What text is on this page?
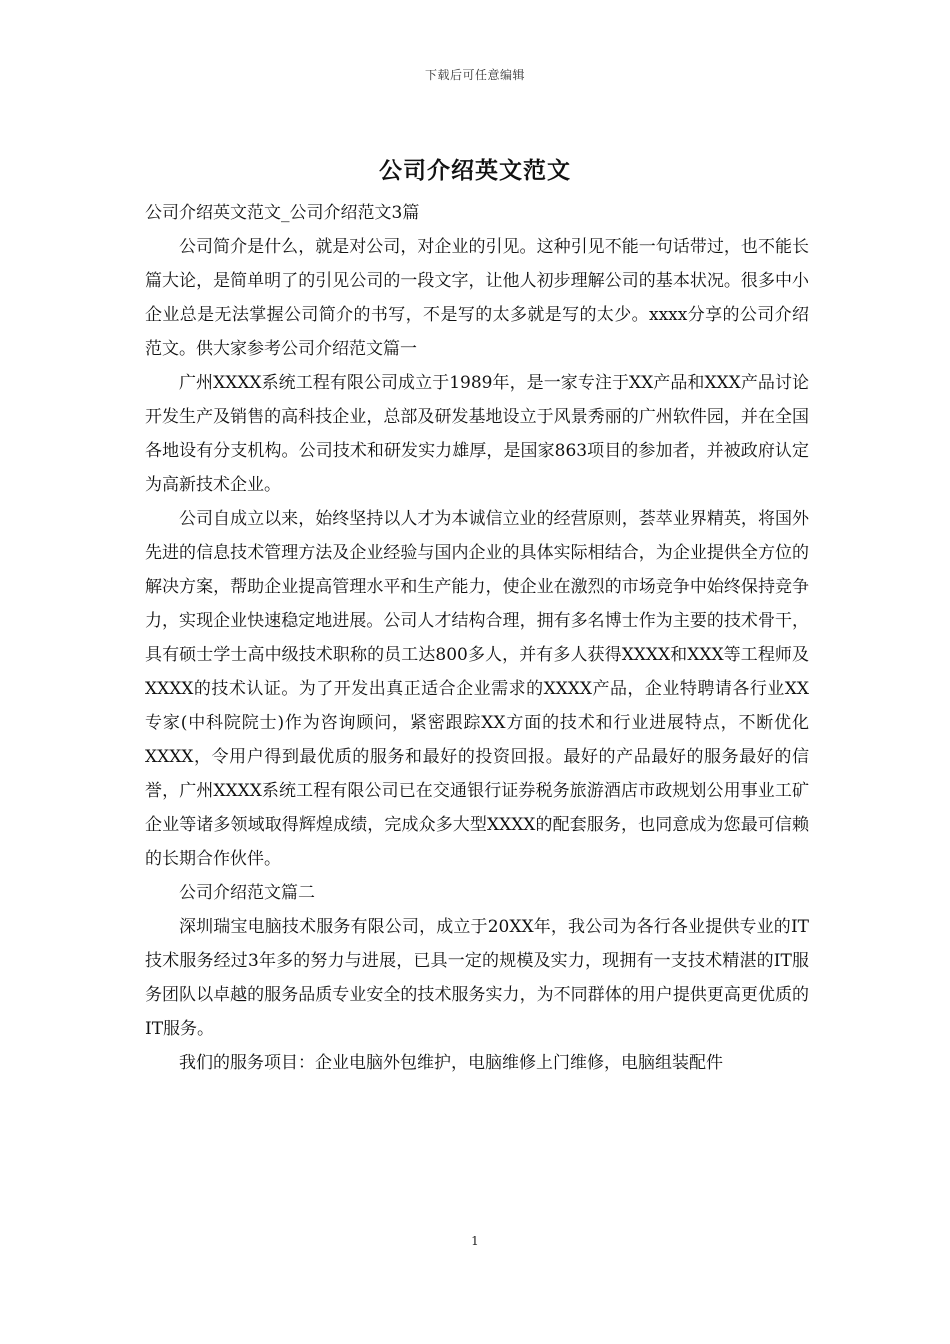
下载后可任意编辑
公司介绍英文范文

公司介绍英文范文_公司介绍范文3篇

公司简介是什么，就是对公司，对企业的引见。这种引见不能一句话带过，也不能长篇大论，是简单明了的引见公司的一段文字，让他人初步理解公司的基本状况。很多中小企业总是无法掌握公司简介的书写，不是写的太多就是写的太少。xxxx分享的公司介绍范文。供大家参考公司介绍范文篇一

广州XXXX系统工程有限公司成立于1989年，是一家专注于XX产品和XXX产品讨论开发生产及销售的高科技企业，总部及研发基地设立于风景秀丽的广州软件园，并在全国各地设有分支机构。公司技术和研发实力雄厚，是国家863项目的参加者，并被政府认定为高新技术企业。

公司自成立以来，始终坚持以人才为本诚信立业的经营原则，荟萃业界精英，将国外先进的信息技术管理方法及企业经验与国内企业的具体实际相结合，为企业提供全方位的解决方案，帮助企业提高管理水平和生产能力，使企业在激烈的市场竞争中始终保持竞争力，实现企业快速稳定地进展。公司人才结构合理，拥有多名博士作为主要的技术骨干，具有硕士学士高中级技术职称的员工达800多人，并有多人获得XXXX和XXX等工程师及XXXX的技术认证。为了开发出真正适合企业需求的XXXX产品，企业特聘请各行业XX专家(中科院院士)作为咨询顾问，紧密跟踪XX方面的技术和行业进展特点，不断优化XXXX，令用户得到最优质的服务和最好的投资回报。最好的产品最好的服务最好的信誉，广州XXXX系统工程有限公司已在交通银行证券税务旅游酒店市政规划公用事业工矿企业等诸多领域取得辉煌成绩，完成众多大型XXXX的配套服务，也同意成为您最可信赖的长期合作伙伴。

公司介绍范文篇二

深圳瑞宝电脑技术服务有限公司，成立于20XX年，我公司为各行各业提供专业的IT技术服务经过3年多的努力与进展，已具一定的规模及实力，现拥有一支技术精湛的IT服务团队以卓越的服务品质专业安全的技术服务实力，为不同群体的用户提供更高更优质的IT服务。

我们的服务项目：企业电脑外包维护，电脑维修上门维修，电脑组装配件

1
